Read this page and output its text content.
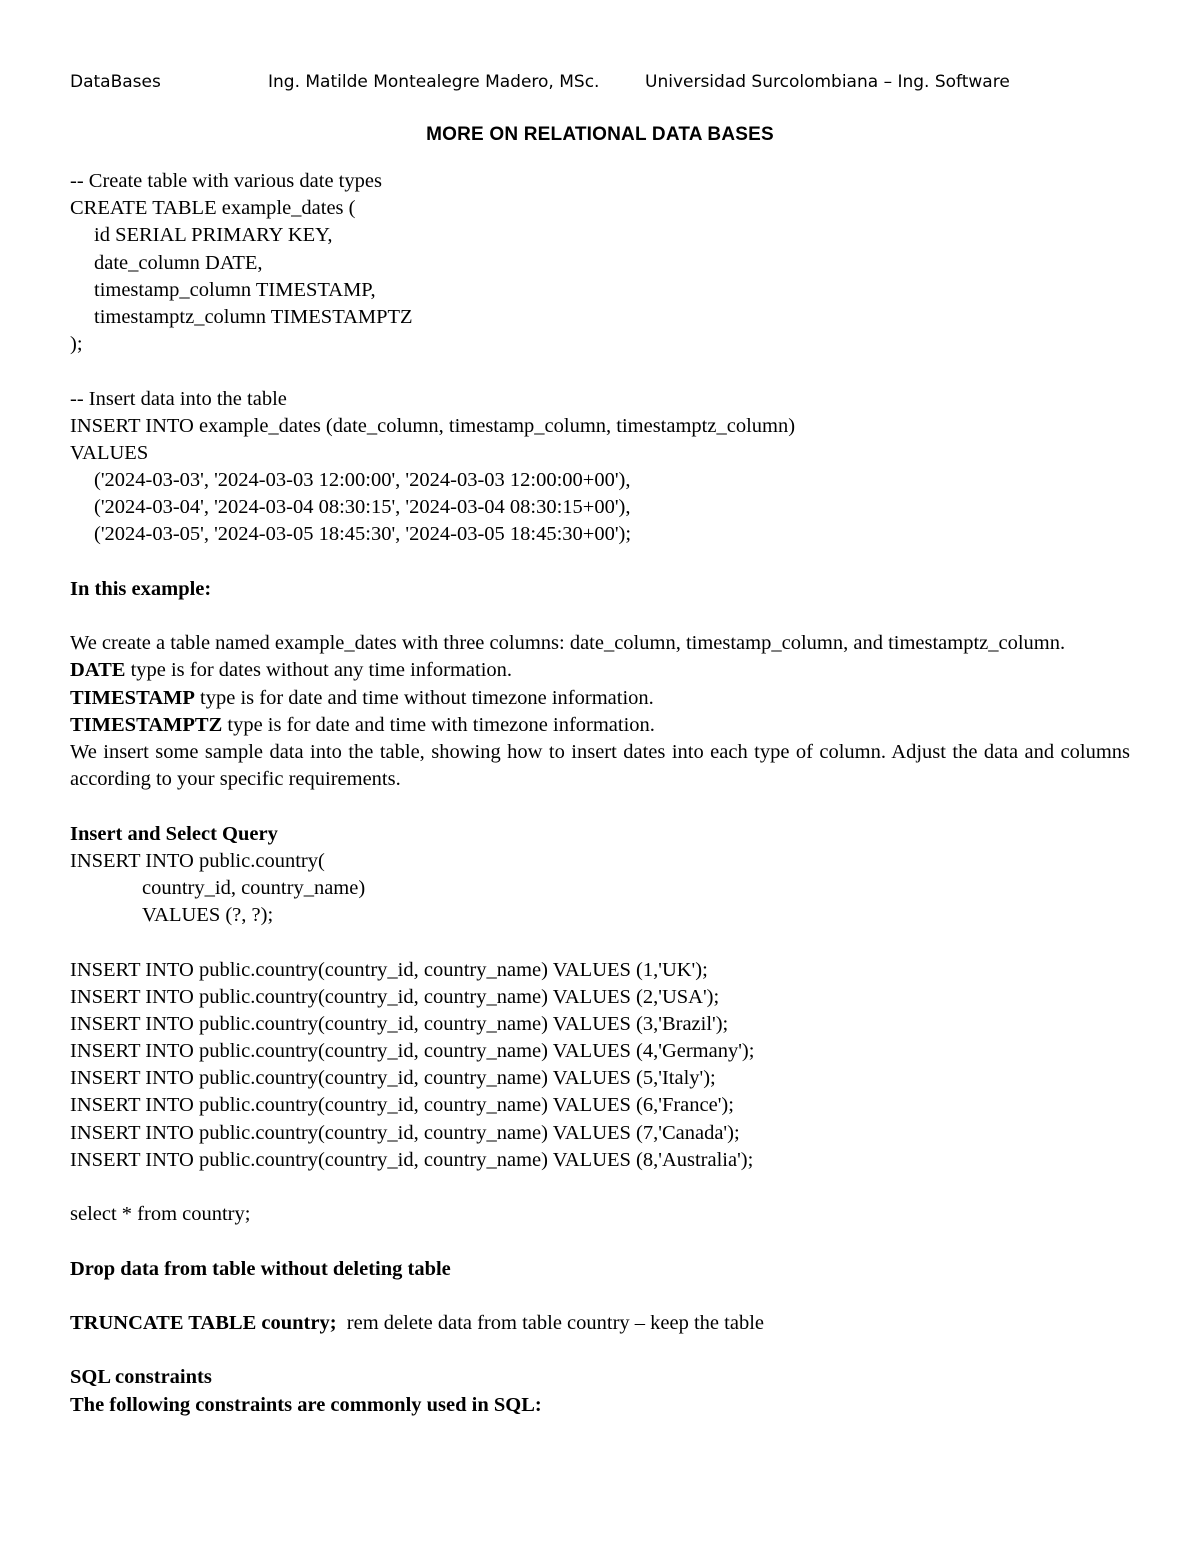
DataBases	Ing. Matilde Montealegre Madero, MSc.	Universidad Surcolombiana – Ing. Software
MORE ON RELATIONAL DATA BASES
-- Create table with various date types
CREATE TABLE example_dates (
id SERIAL PRIMARY KEY,
date_column DATE,
timestamp_column TIMESTAMP,
timestamptz_column TIMESTAMPTZ
);
-- Insert data into the table
INSERT INTO example_dates (date_column, timestamp_column, timestamptz_column)
VALUES
('2024-03-03', '2024-03-03 12:00:00', '2024-03-03 12:00:00+00'),
('2024-03-04', '2024-03-04 08:30:15', '2024-03-04 08:30:15+00'),
('2024-03-05', '2024-03-05 18:45:30', '2024-03-05 18:45:30+00');
In this example:
We create a table named example_dates with three columns: date_column, timestamp_column, and timestamptz_column.
DATE type is for dates without any time information.
TIMESTAMP type is for date and time without timezone information.
TIMESTAMPTZ type is for date and time with timezone information.
We insert some sample data into the table, showing how to insert dates into each type of column. Adjust the data and columns according to your specific requirements.
Insert and Select Query
INSERT INTO public.country(
country_id, country_name)
VALUES (?, ?);
INSERT INTO public.country(country_id, country_name) VALUES (1,'UK');
INSERT INTO public.country(country_id, country_name) VALUES (2,'USA');
INSERT INTO public.country(country_id, country_name) VALUES (3,'Brazil');
INSERT INTO public.country(country_id, country_name) VALUES (4,'Germany');
INSERT INTO public.country(country_id, country_name) VALUES (5,'Italy');
INSERT INTO public.country(country_id, country_name) VALUES (6,'France');
INSERT INTO public.country(country_id, country_name) VALUES (7,'Canada');
INSERT INTO public.country(country_id, country_name) VALUES (8,'Australia');
select * from country;
Drop data from table without deleting table
TRUNCATE TABLE country;  rem delete data from table country – keep the table
SQL constraints
The following constraints are commonly used in SQL:
